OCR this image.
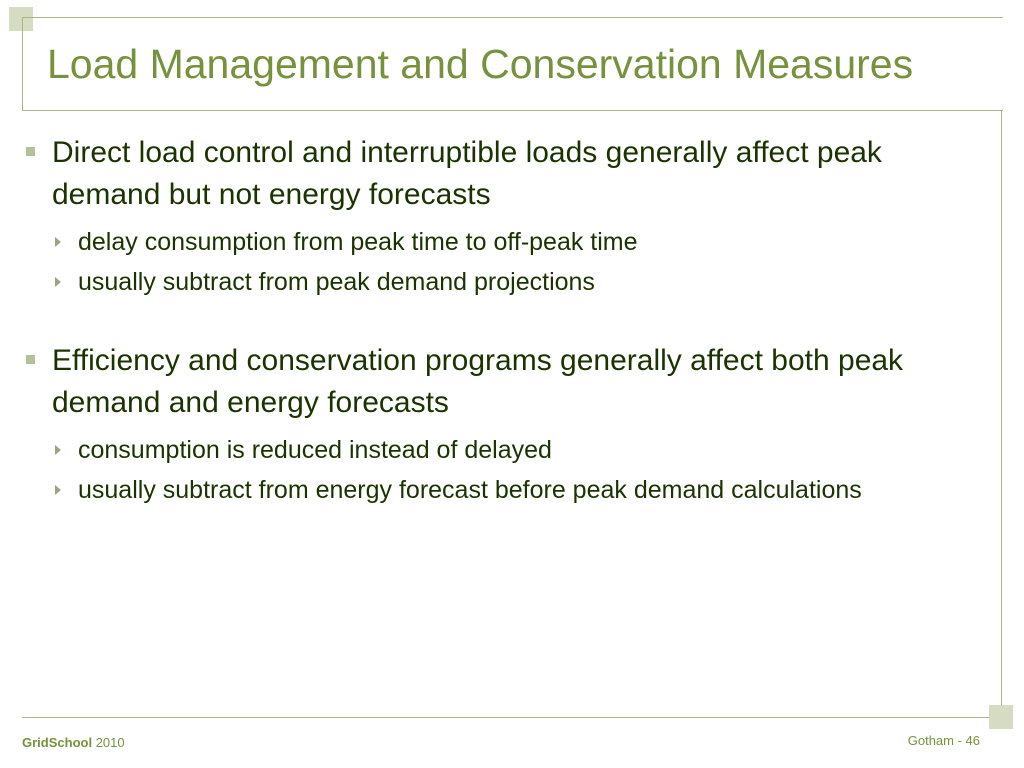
Load Management and Conservation Measures
Direct load control and interruptible loads generally affect peak demand but not energy forecasts
delay consumption from peak time to off-peak time
usually subtract from peak demand projections
Efficiency and conservation programs generally affect both peak demand and energy forecasts
consumption is reduced instead of delayed
usually subtract from energy forecast before peak demand calculations
GridSchool 2010	Gotham - 46
